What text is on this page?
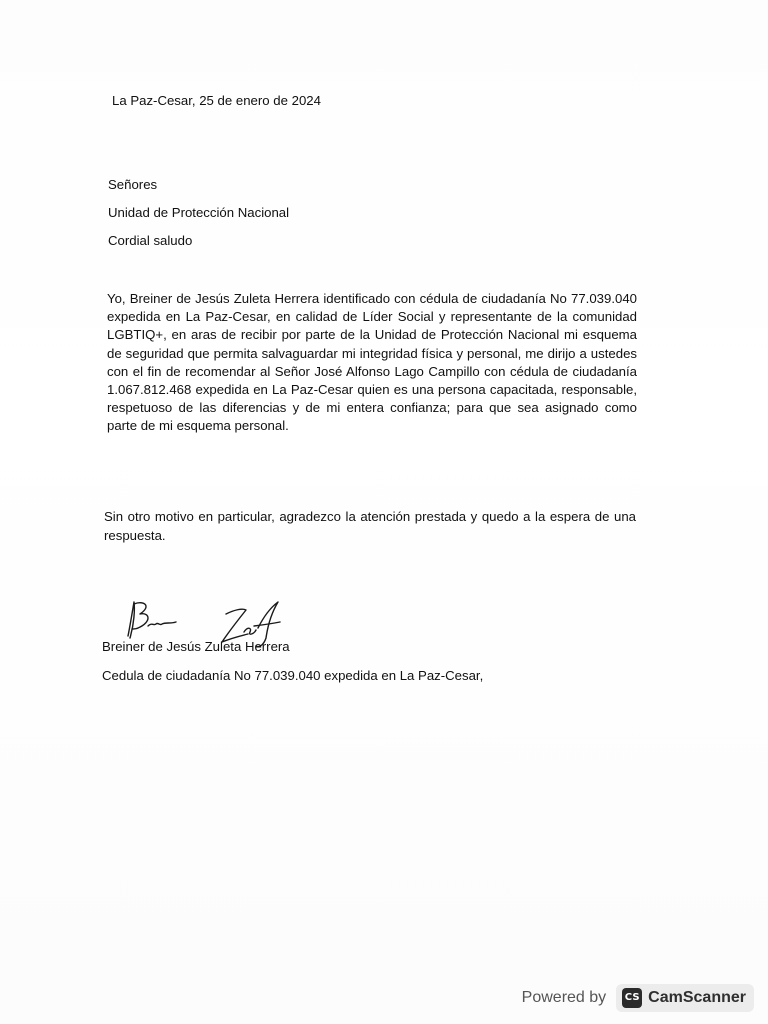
La Paz-Cesar, 25 de enero de 2024
Señores
Unidad de Protección Nacional
Cordial saludo
Yo, Breiner de Jesús Zuleta Herrera identificado con cédula de ciudadanía No 77.039.040 expedida en La Paz-Cesar, en calidad de Líder Social y representante de la comunidad LGBTIQ+, en aras de recibir por parte de la Unidad de Protección Nacional mi esquema de seguridad que permita salvaguardar mi integridad física y personal, me dirijo a ustedes con el fin de recomendar al Señor José Alfonso Lago Campillo con cédula de ciudadanía 1.067.812.468 expedida en La Paz-Cesar quien es una persona capacitada, responsable, respetuoso de las diferencias y de mi entera confianza; para que sea asignado como parte de mi esquema personal.
Sin otro motivo en particular, agradezco la atención prestada y quedo a la espera de una respuesta.
Breiner de Jesús Zuleta Herrera
Cedula de ciudadanía No 77.039.040 expedida en La Paz-Cesar,
Powered by CS CamScanner
